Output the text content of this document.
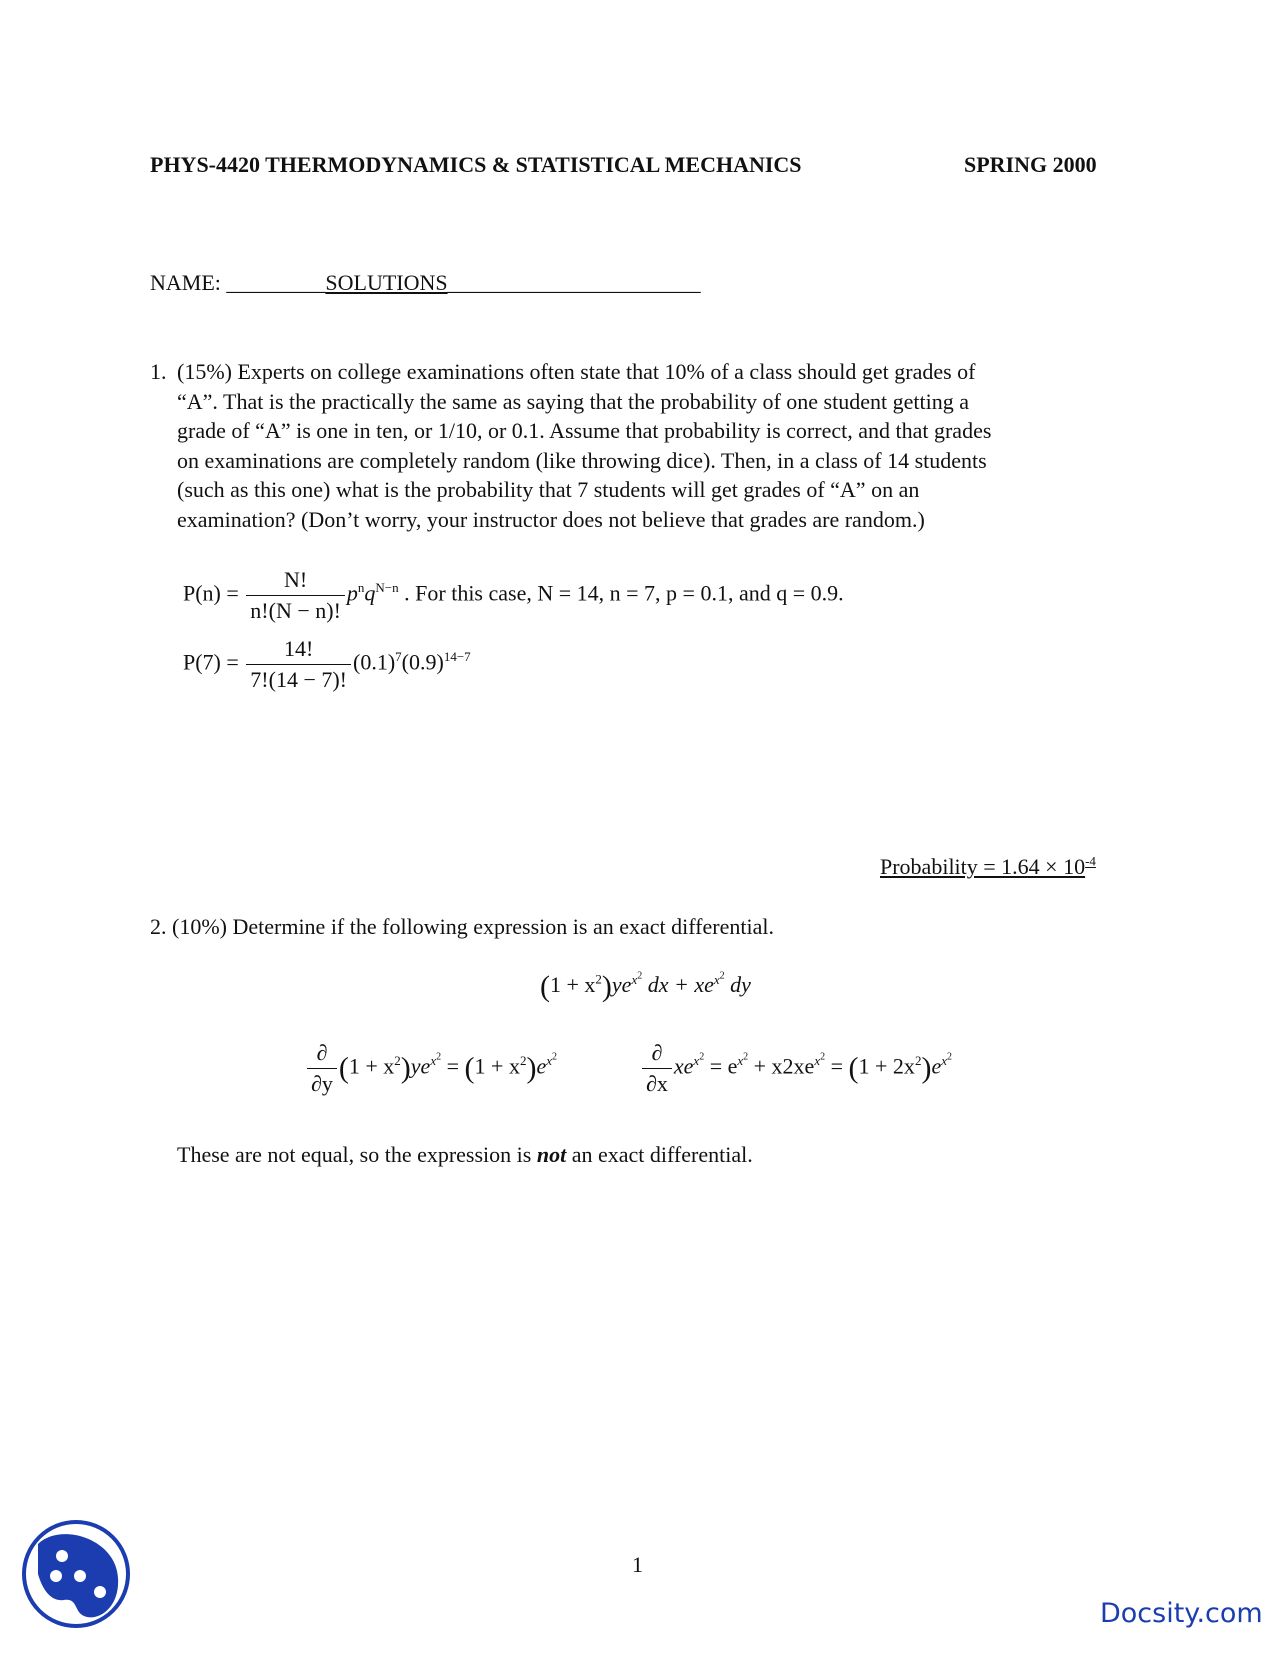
PHYS-4420 THERMODYNAMICS & STATISTICAL MECHANICS	SPRING 2000
NAME: _________SOLUTIONS_______________________
1. (15%) Experts on college examinations often state that 10% of a class should get grades of
“A”. That is the practically the same as saying that the probability of one student getting a
grade of “A” is one in ten, or 1/10, or 0.1. Assume that probability is correct, and that grades
on examinations are completely random (like throwing dice). Then, in a class of 14 students
(such as this one) what is the probability that 7 students will get grades of “A” on an
examination? (Don’t worry, your instructor does not believe that grades are random.)
$P(n) = \frac{N!}{n!(N - n)!} p^nq^{N-n}$ . For this case, N = 14, n = 7, p = 0.1, and q = 0.9.
$P(7) = \frac{14!}{7!(14 - 7)!} (0.1)^7(0.9)^{14-7}$
Probability = $1.64 \times 10^{-4}$
2. (10%) Determine if the following expression is an exact differential.
$(1 + x^2)ye^{x^2}$ dx + $xe^{x^2}$ dy
$\frac{\partial}{\partial y} (1 + x^2)ye^{x^2} = (1 + x^2)e^{x^2}$	$\frac{\partial}{\partial x} xe^{x^2} = e^{x^2} + x2xe^{x^2} = (1 + 2x^2)e^{x^2}$
These are not equal, so the expression is not an exact differential.
1
Docsity.com
